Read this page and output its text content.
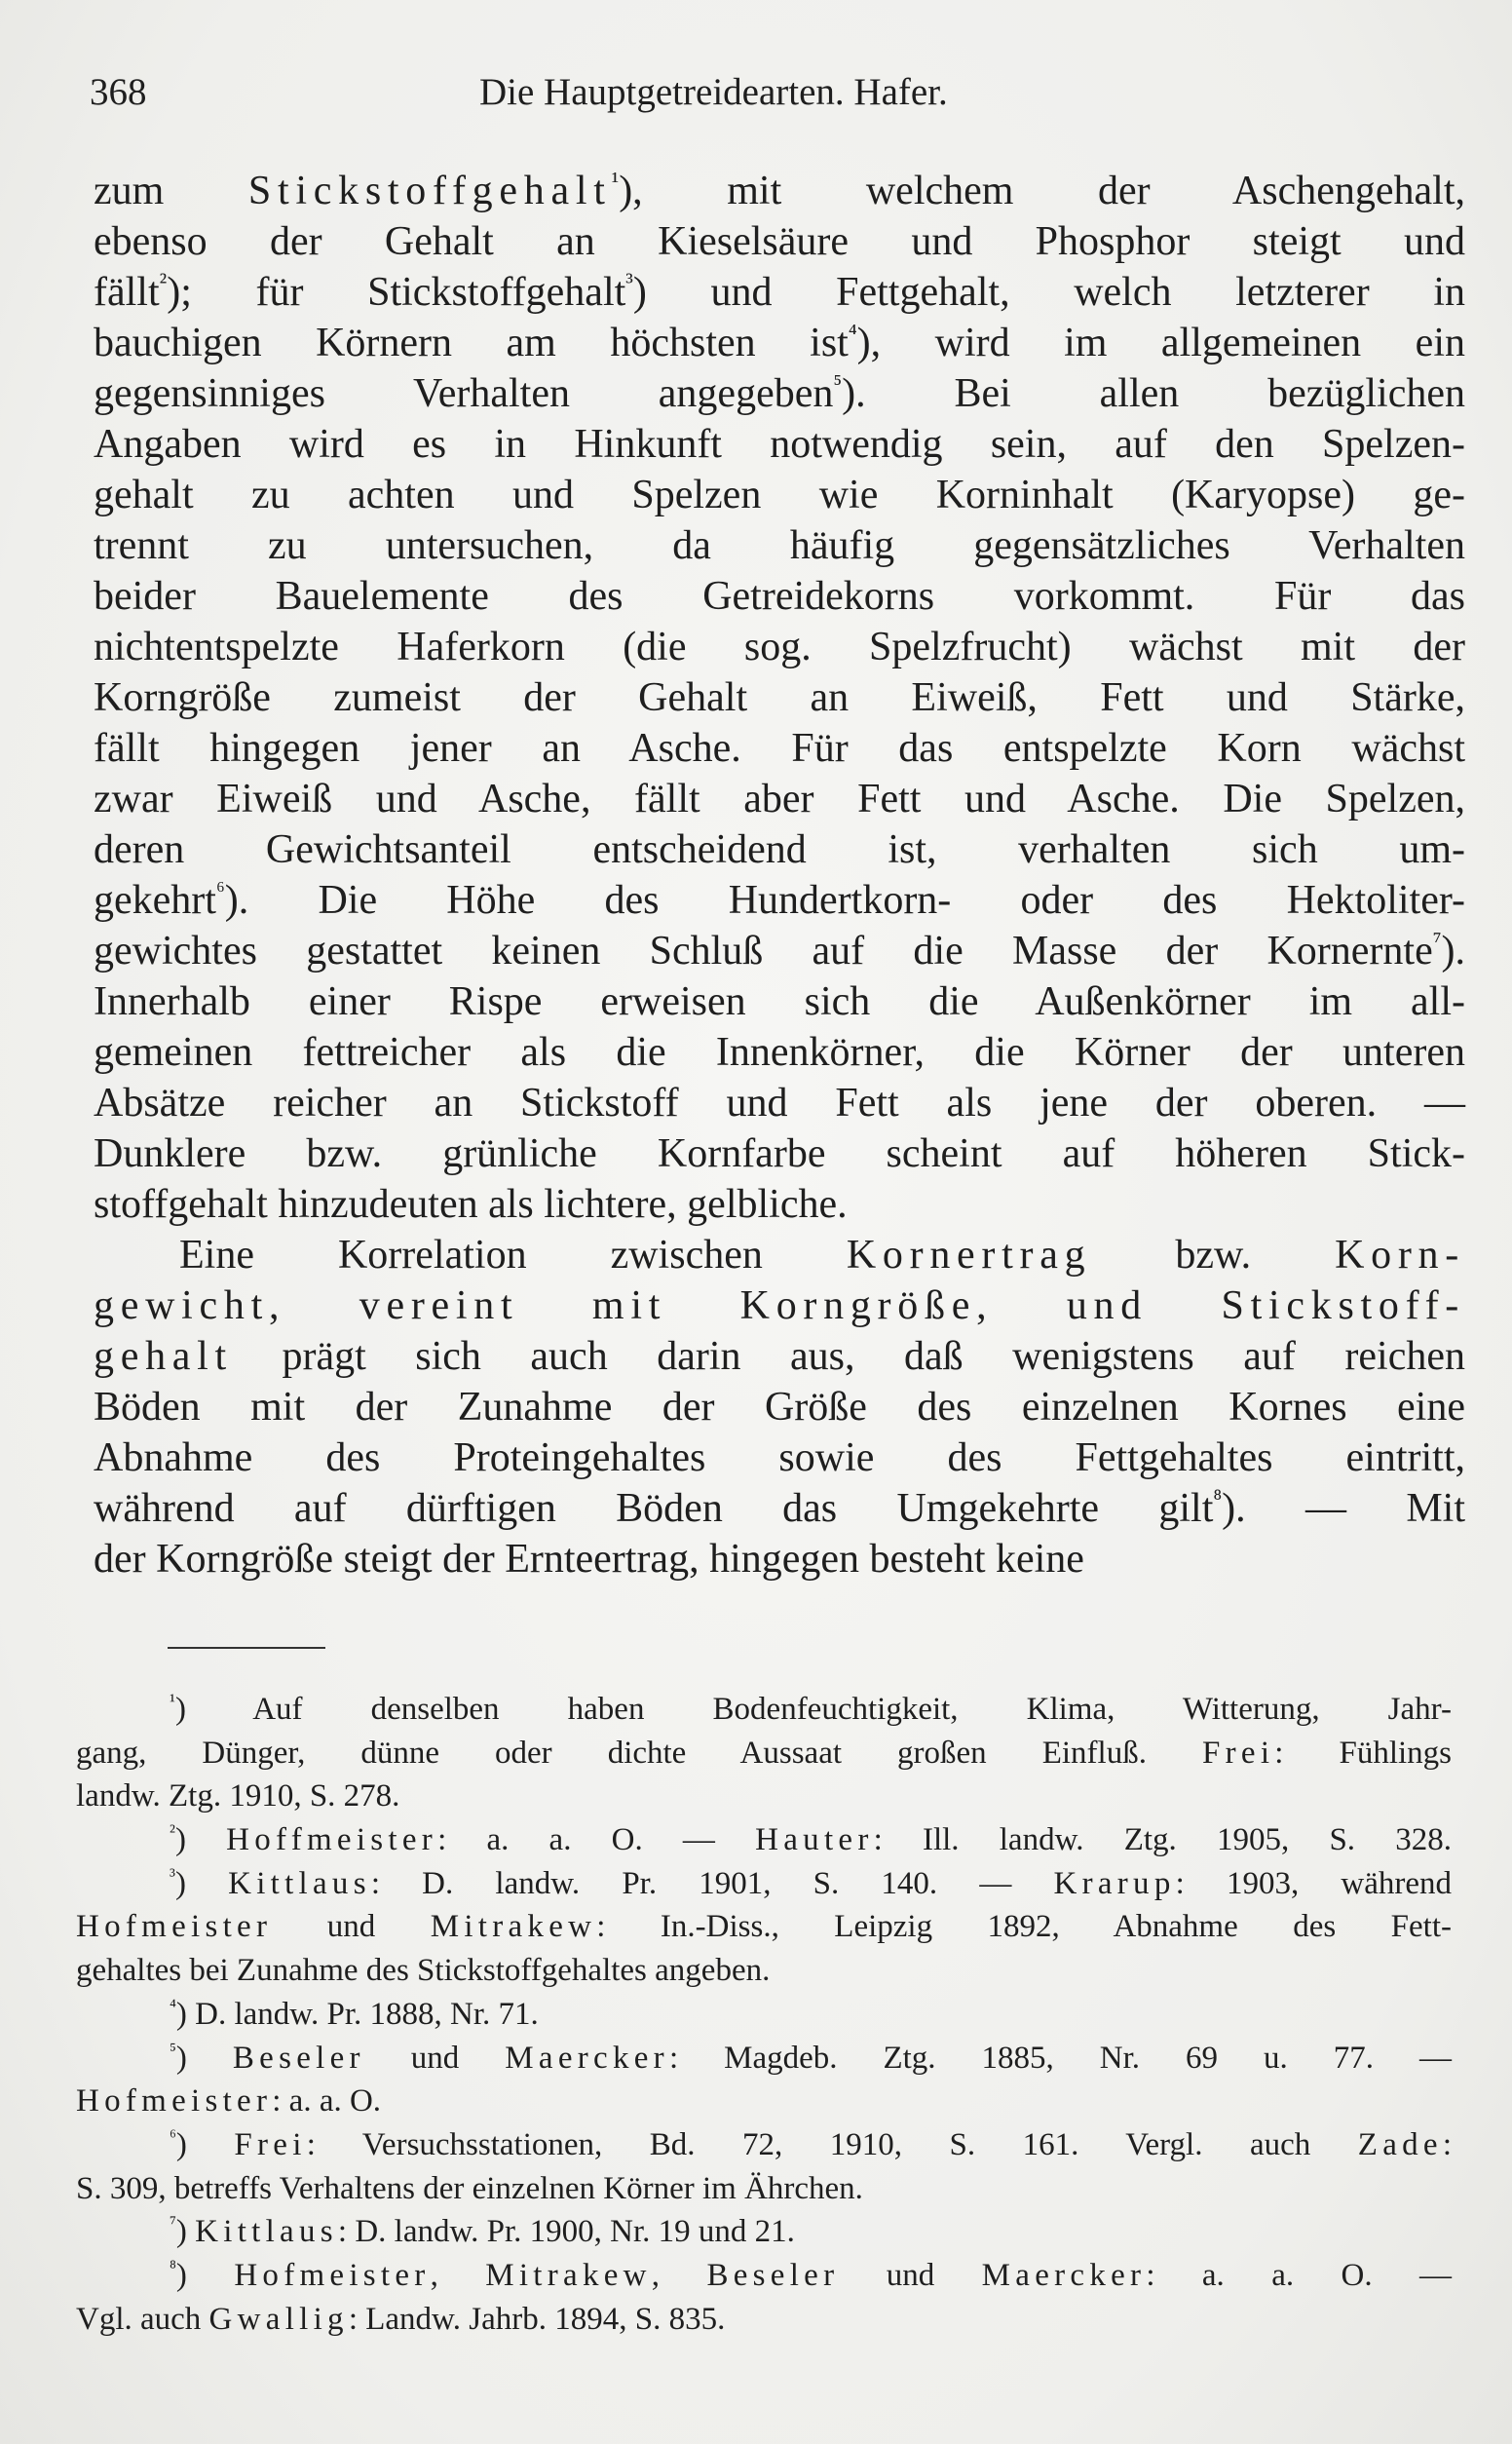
368	Die Hauptgetreidearten. Hafer.
zum Stickstoffgehalt$^{^1}$), mit welchem der Aschengehalt,
ebenso der Gehalt an Kieselsäure und Phosphor steigt und
fällt$^{^2}$); für Stickstoffgehalt$^{^3}$) und Fettgehalt, welch letzterer in
bauchigen Körnern am höchsten ist$^{^4}$), wird im allgemeinen ein
gegensinniges Verhalten angegeben$^{^5}$). Bei allen bezüglichen
Angaben wird es in Hinkunft notwendig sein, auf den Spelzen-
gehalt zu achten und Spelzen wie Korninhalt (Karyopse) ge-
trennt zu untersuchen, da häufig gegensätzliches Verhalten
beider Bauelemente des Getreidekorns vorkommt. Für das
nichtentspelzte Haferkorn (die sog. Spelzfrucht) wächst mit der
Korngröße zumeist der Gehalt an Eiweiß, Fett und Stärke,
fällt hingegen jener an Asche. Für das entspelzte Korn wächst
zwar Eiweiß und Asche, fällt aber Fett und Asche. Die Spelzen,
deren Gewichtsanteil entscheidend ist, verhalten sich um-
gekehrt$^{^6}$). Die Höhe des Hundertkorn- oder des Hektoliter-
gewichtes gestattet keinen Schluß auf die Masse der Kornernte$^{^7}$).
Innerhalb einer Rispe erweisen sich die Außenkörner im all-
gemeinen fettreicher als die Innenkörner, die Körner der unteren
Absätze reicher an Stickstoff und Fett als jene der oberen. —
Dunklere bzw. grünliche Kornfarbe scheint auf höheren Stick-
stoffgehalt hinzudeuten als lichtere, gelbliche.
Eine Korrelation zwischen Kornertrag bzw. Korn-
gewicht, vereint mit Korngröße, und Stickstoff-
gehalt prägt sich auch darin aus, daß wenigstens auf reichen
Böden mit der Zunahme der Größe des einzelnen Kornes eine
Abnahme des Proteingehaltes sowie des Fettgehaltes eintritt,
während auf dürftigen Böden das Umgekehrte gilt$^{^8}$). — Mit
der Korngröße steigt der Ernteertrag, hingegen besteht keine
$^{^1}$) Auf denselben haben Bodenfeuchtigkeit, Klima, Witterung, Jahr-
gang, Dünger, dünne oder dichte Aussaat großen Einfluß. Frei: Fühlings
landw. Ztg. 1910, S. 278.
$^{^2}$) Hoffmeister: a. a. O. — Hauter: Ill. landw. Ztg. 1905, S. 328.
$^{^3}$) Kittlaus: D. landw. Pr. 1901, S. 140. — Krarup: 1903, während
Hofmeister und Mitrakew: In.-Diss., Leipzig 1892, Abnahme des Fett-
gehaltes bei Zunahme des Stickstoffgehaltes angeben.
$^{^4}$) D. landw. Pr. 1888, Nr. 71.
$^{^5}$) Beseler und Maercker: Magdeb. Ztg. 1885, Nr. 69 u. 77. —
Hofmeister: a. a. O.
$^{^6}$) Frei: Versuchsstationen, Bd. 72, 1910, S. 161. Vergl. auch Zade:
S. 309, betreffs Verhaltens der einzelnen Körner im Ährchen.
$^{^7}$) Kittlaus: D. landw. Pr. 1900, Nr. 19 und 21.
$^{^8}$) Hofmeister, Mitrakew, Beseler und Maercker: a. a. O. —
Vgl. auch Gwallig: Landw. Jahrb. 1894, S. 835.
